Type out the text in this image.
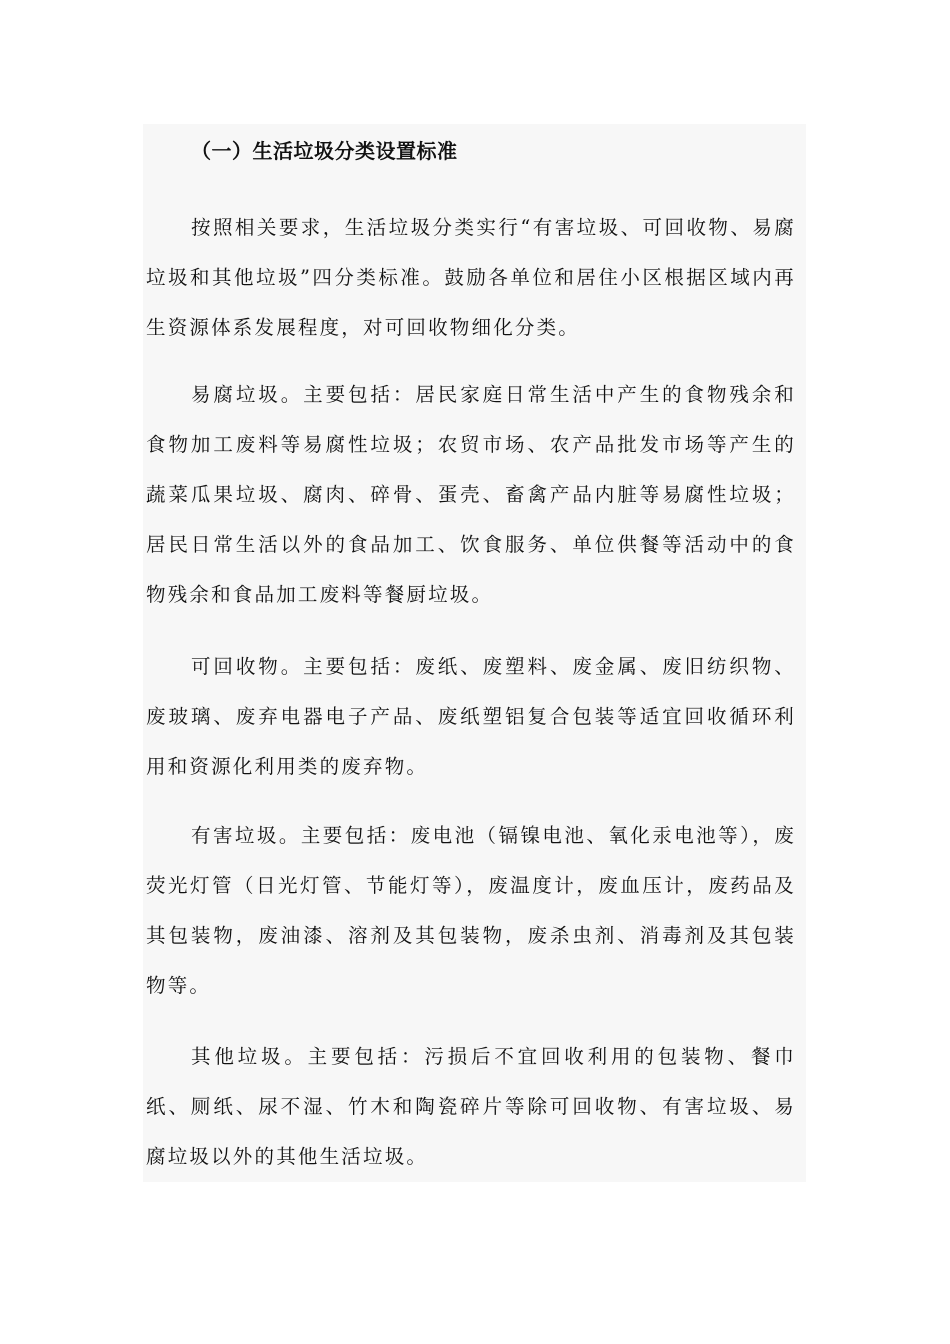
（一）生活垃圾分类设置标准

按照相关要求，生活垃圾分类实行“有害垃圾、可回收物、易腐垃圾和其他垃圾”四分类标准。鼓励各单位和居住小区根据区域内再生资源体系发展程度，对可回收物细化分类。

易腐垃圾。主要包括：居民家庭日常生活中产生的食物残余和食物加工废料等易腐性垃圾；农贸市场、农产品批发市场等产生的蔬菜瓜果垃圾、腐肉、碎骨、蛋壳、畜禽产品内脏等易腐性垃圾；居民日常生活以外的食品加工、饮食服务、单位供餐等活动中的食物残余和食品加工废料等餐厨垃圾。

可回收物。主要包括：废纸、废塑料、废金属、废旧纺织物、废玻璃、废弃电器电子产品、废纸塑铝复合包装等适宜回收循环利用和资源化利用类的废弃物。

有害垃圾。主要包括：废电池（镉镍电池、氧化汞电池等），废荧光灯管（日光灯管、节能灯等），废温度计，废血压计，废药品及其包装物，废油漆、溶剂及其包装物，废杀虫剂、消毒剂及其包装物等。

其他垃圾。主要包括：污损后不宜回收利用的包装物、餐巾纸、厕纸、尿不湿、竹木和陶瓷碎片等除可回收物、有害垃圾、易腐垃圾以外的其他生活垃圾。
